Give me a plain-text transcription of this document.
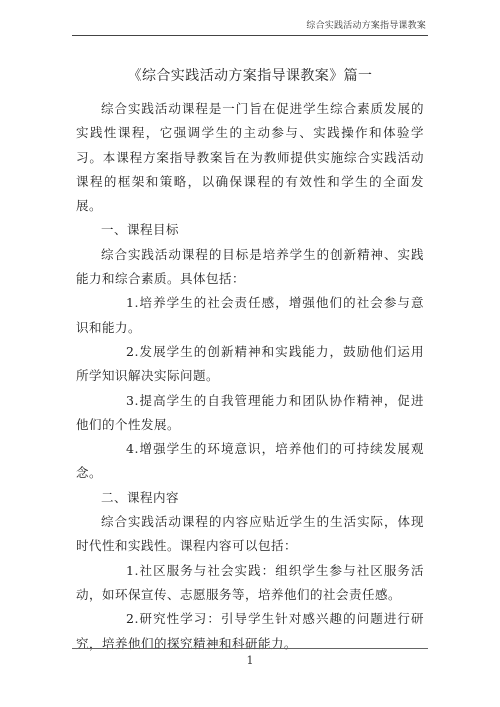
综合实践活动方案指导课教案

《综合实践活动方案指导课教案》篇一

综合实践活动课程是一门旨在促进学生综合素质发展的实践性课程，它强调学生的主动参与、实践操作和体验学习。本课程方案指导教案旨在为教师提供实施综合实践活动课程的框架和策略，以确保课程的有效性和学生的全面发展。

一、课程目标

综合实践活动课程的目标是培养学生的创新精神、实践能力和综合素质。具体包括：

1.培养学生的社会责任感，增强他们的社会参与意识和能力。

2.发展学生的创新精神和实践能力，鼓励他们运用所学知识解决实际问题。

3.提高学生的自我管理能力和团队协作精神，促进他们的个性发展。

4.增强学生的环境意识，培养他们的可持续发展观念。

二、课程内容

综合实践活动课程的内容应贴近学生的生活实际，体现时代性和实践性。课程内容可以包括：

1.社区服务与社会实践：组织学生参与社区服务活动，如环保宣传、志愿服务等，培养他们的社会责任感。

2.研究性学习：引导学生针对感兴趣的问题进行研究，培养他们的探究精神和科研能力。

1
